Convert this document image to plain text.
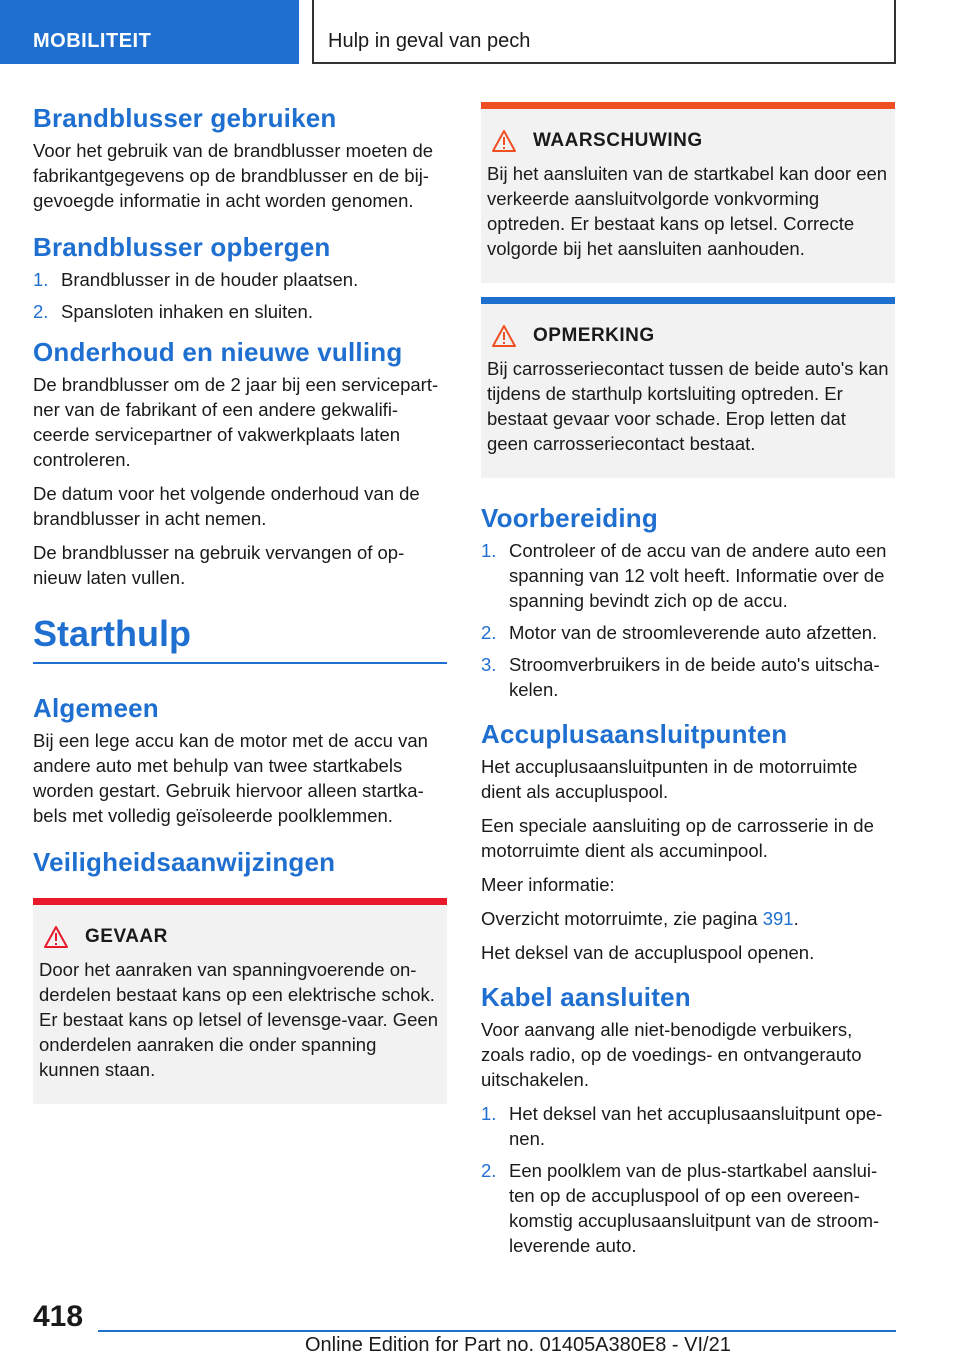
MOBILITEIT	Hulp in geval van pech
Brandblusser gebruiken

Voor het gebruik van de brandblusser moeten de fabrikantgegevens op de brandblusser en de bij-gevoegde informatie in acht worden genomen.

Brandblusser opbergen
1. Brandblusser in de houder plaatsen.
2. Spansloten inhaken en sluiten.
Onderhoud en nieuwe vulling

De brandblusser om de 2 jaar bij een servicepart-ner van de fabrikant of een andere gekwalifi-ceerde servicepartner of vakwerkplaats laten controleren.

De datum voor het volgende onderhoud van de brandblusser in acht nemen.

De brandblusser na gebruik vervangen of op-nieuw laten vullen.

Starthulp
Algemeen

Bij een lege accu kan de motor met de accu van andere auto met behulp van twee startkabels worden gestart. Gebruik hiervoor alleen startka-bels met volledig geïsoleerde poolklemmen.

Veiligheidsaanwijzingen
GEVAAR

Door het aanraken van spanningvoerende on-derdelen bestaat kans op een elektrische schok. Er bestaat kans op letsel of levensge-vaar. Geen onderdelen aanraken die onder spanning kunnen staan.

WAARSCHUWING

Bij het aansluiten van de startkabel kan door een verkeerde aansluitvolgorde vonkvorming optreden. Er bestaat kans op letsel. Correcte volgorde bij het aansluiten aanhouden.

OPMERKING

Bij carrosseriecontact tussen de beide auto's kan tijdens de starthulp kortsluiting optreden. Er bestaat gevaar voor schade. Erop letten dat geen carrosseriecontact bestaat.

Voorbereiding
1. Controleer of de accu van de andere auto een spanning van 12 volt heeft. Informatie over de spanning bevindt zich op de accu.
2. Motor van de stroomleverende auto afzetten.
3. Stroomverbruikers in de beide auto's uitscha-kelen.
Accuplusaansluitpunten

Het accuplusaansluitpunten in de motorruimte dient als accupluspool.

Een speciale aansluiting op de carrosserie in de motorruimte dient als accuminpool.

Meer informatie:

Overzicht motorruimte, zie pagina 391.

Het deksel van de accupluspool openen.

Kabel aansluiten

Voor aanvang alle niet-benodigde verbuikers, zoals radio, op de voedings- en ontvangerauto uitschakelen.

1. Het deksel van het accuplusaansluitpunt ope-nen.
2. Een poolklem van de plus-startkabel aanslui-ten op de accupluspool of op een overeen-komstig accuplusaansluitpunt van de stroom-leverende auto.
418
Online Edition for Part no. 01405A380E8 - VI/21
